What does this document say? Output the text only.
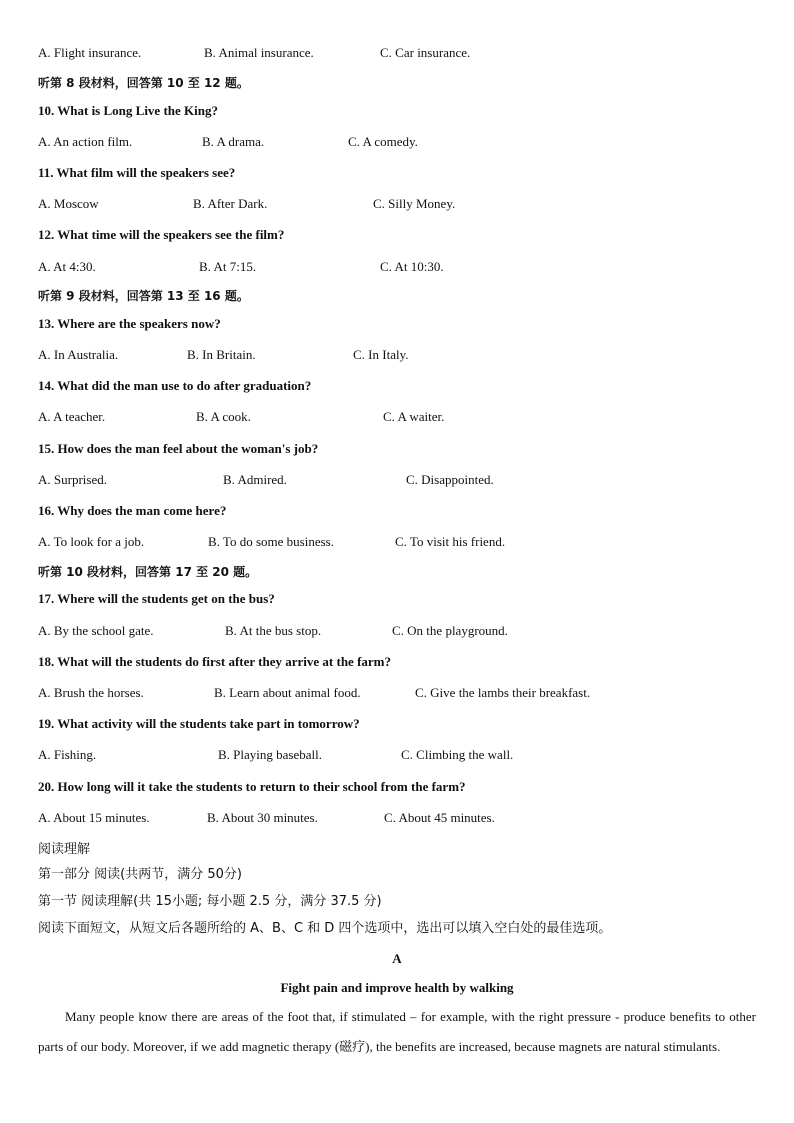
A. Flight insurance.	B. Animal insurance.	C. Car insurance.
听第 8 段材料，回答第 10 至 12 题。
10. What is Long Live the King?
A. An action film.	B. A drama.	C. A comedy.
11. What film will the speakers see?
A. Moscow	B. After Dark.	C. Silly Money.
12. What time will the speakers see the film?
A. At 4:30.	B. At 7:15.	C. At 10:30.
听第 9 段材料，回答第 13 至 16 题。
13. Where are the speakers now?
A. In Australia.	B. In Britain.	C. In Italy.
14. What did the man use to do after graduation?
A. A teacher.	B. A cook.	C. A waiter.
15. How does the man feel about the woman's job?
A. Surprised.	B. Admired.	C. Disappointed.
16. Why does the man come here?
A. To look for a job.	B. To do some business.	C. To visit his friend.
听第 10 段材料，回答第 17 至 20 题。
17. Where will the students get on the bus?
A. By the school gate.	B. At the bus stop.	C. On the playground.
18. What will the students do first after they arrive at the farm?
A. Brush the horses.	B. Learn about animal food.	C. Give the lambs their breakfast.
19. What activity will the students take part in tomorrow?
A. Fishing.	B. Playing baseball.	C. Climbing the wall.
20. How long will it take the students to return to their school from the farm?
A. About 15 minutes.	B. About 30 minutes.	C. About 45 minutes.
阅读理解
第一部分 阅读(共两节，满分 50分)
第一节 阅读理解(共 15小题; 每小题 2.5 分，满分 37.5 分)
阅读下面短文，从短文后各题所给的 A、B、C 和 D 四个选项中，选出可以填入空白处的最佳选项。
A
Fight pain and improve health by walking
Many people know there are areas of the foot that, if stimulated – for example, with the right pressure - produce benefits to other parts of our body. Moreover, if we add magnetic therapy (磁疗), the benefits are increased, because magnets are natural stimulants.
